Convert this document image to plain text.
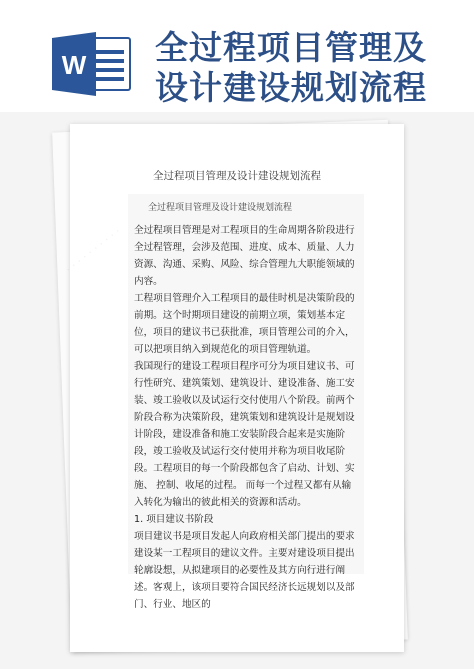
W 全过程项目管理及
设计建设规划流程
· · · · · · · · · ·
全过程项目管理及设计建设规划流程
全过程项目管理及设计建设规划流程

全过程项目管理是对工程项目的生命周期各阶段进行全过程管理，会涉及范围、进度、成本、质量、人力资源、沟通、采购、风险、综合管理九大职能领域的内容。

工程项目管理介入工程项目的最佳时机是决策阶段的前期。这个时期项目建设的前期立项，策划基本定位，项目的建议书已获批准，项目管理公司的介入，可以把项目纳入到规范化的项目管理轨道。

我国现行的建设工程项目程序可分为项目建议书、可行性研究、建筑策划、建筑设计、建设准备、施工安装、竣工验收以及试运行交付使用八个阶段。前两个阶段合称为决策阶段，建筑策划和建筑设计是规划设计阶段，建设准备和施工安装阶段合起来是实施阶段，竣工验收及试运行交付使用并称为项目收尾阶段。工程项目的每一个阶段都包含了启动、计划、实施、 控制、收尾的过程。 而每一个过程又都有从输入转化为输出的彼此相关的资源和活动。

1. 项目建议书阶段

项目建议书是项目发起人向政府相关部门提出的要求建设某一工程项目的建议文件。主要对建设项目提出轮廓设想，从拟建项目的必要性及其方向行进行阐述。客观上，该项目要符合国民经济长远规划以及部门、行业、地区的
